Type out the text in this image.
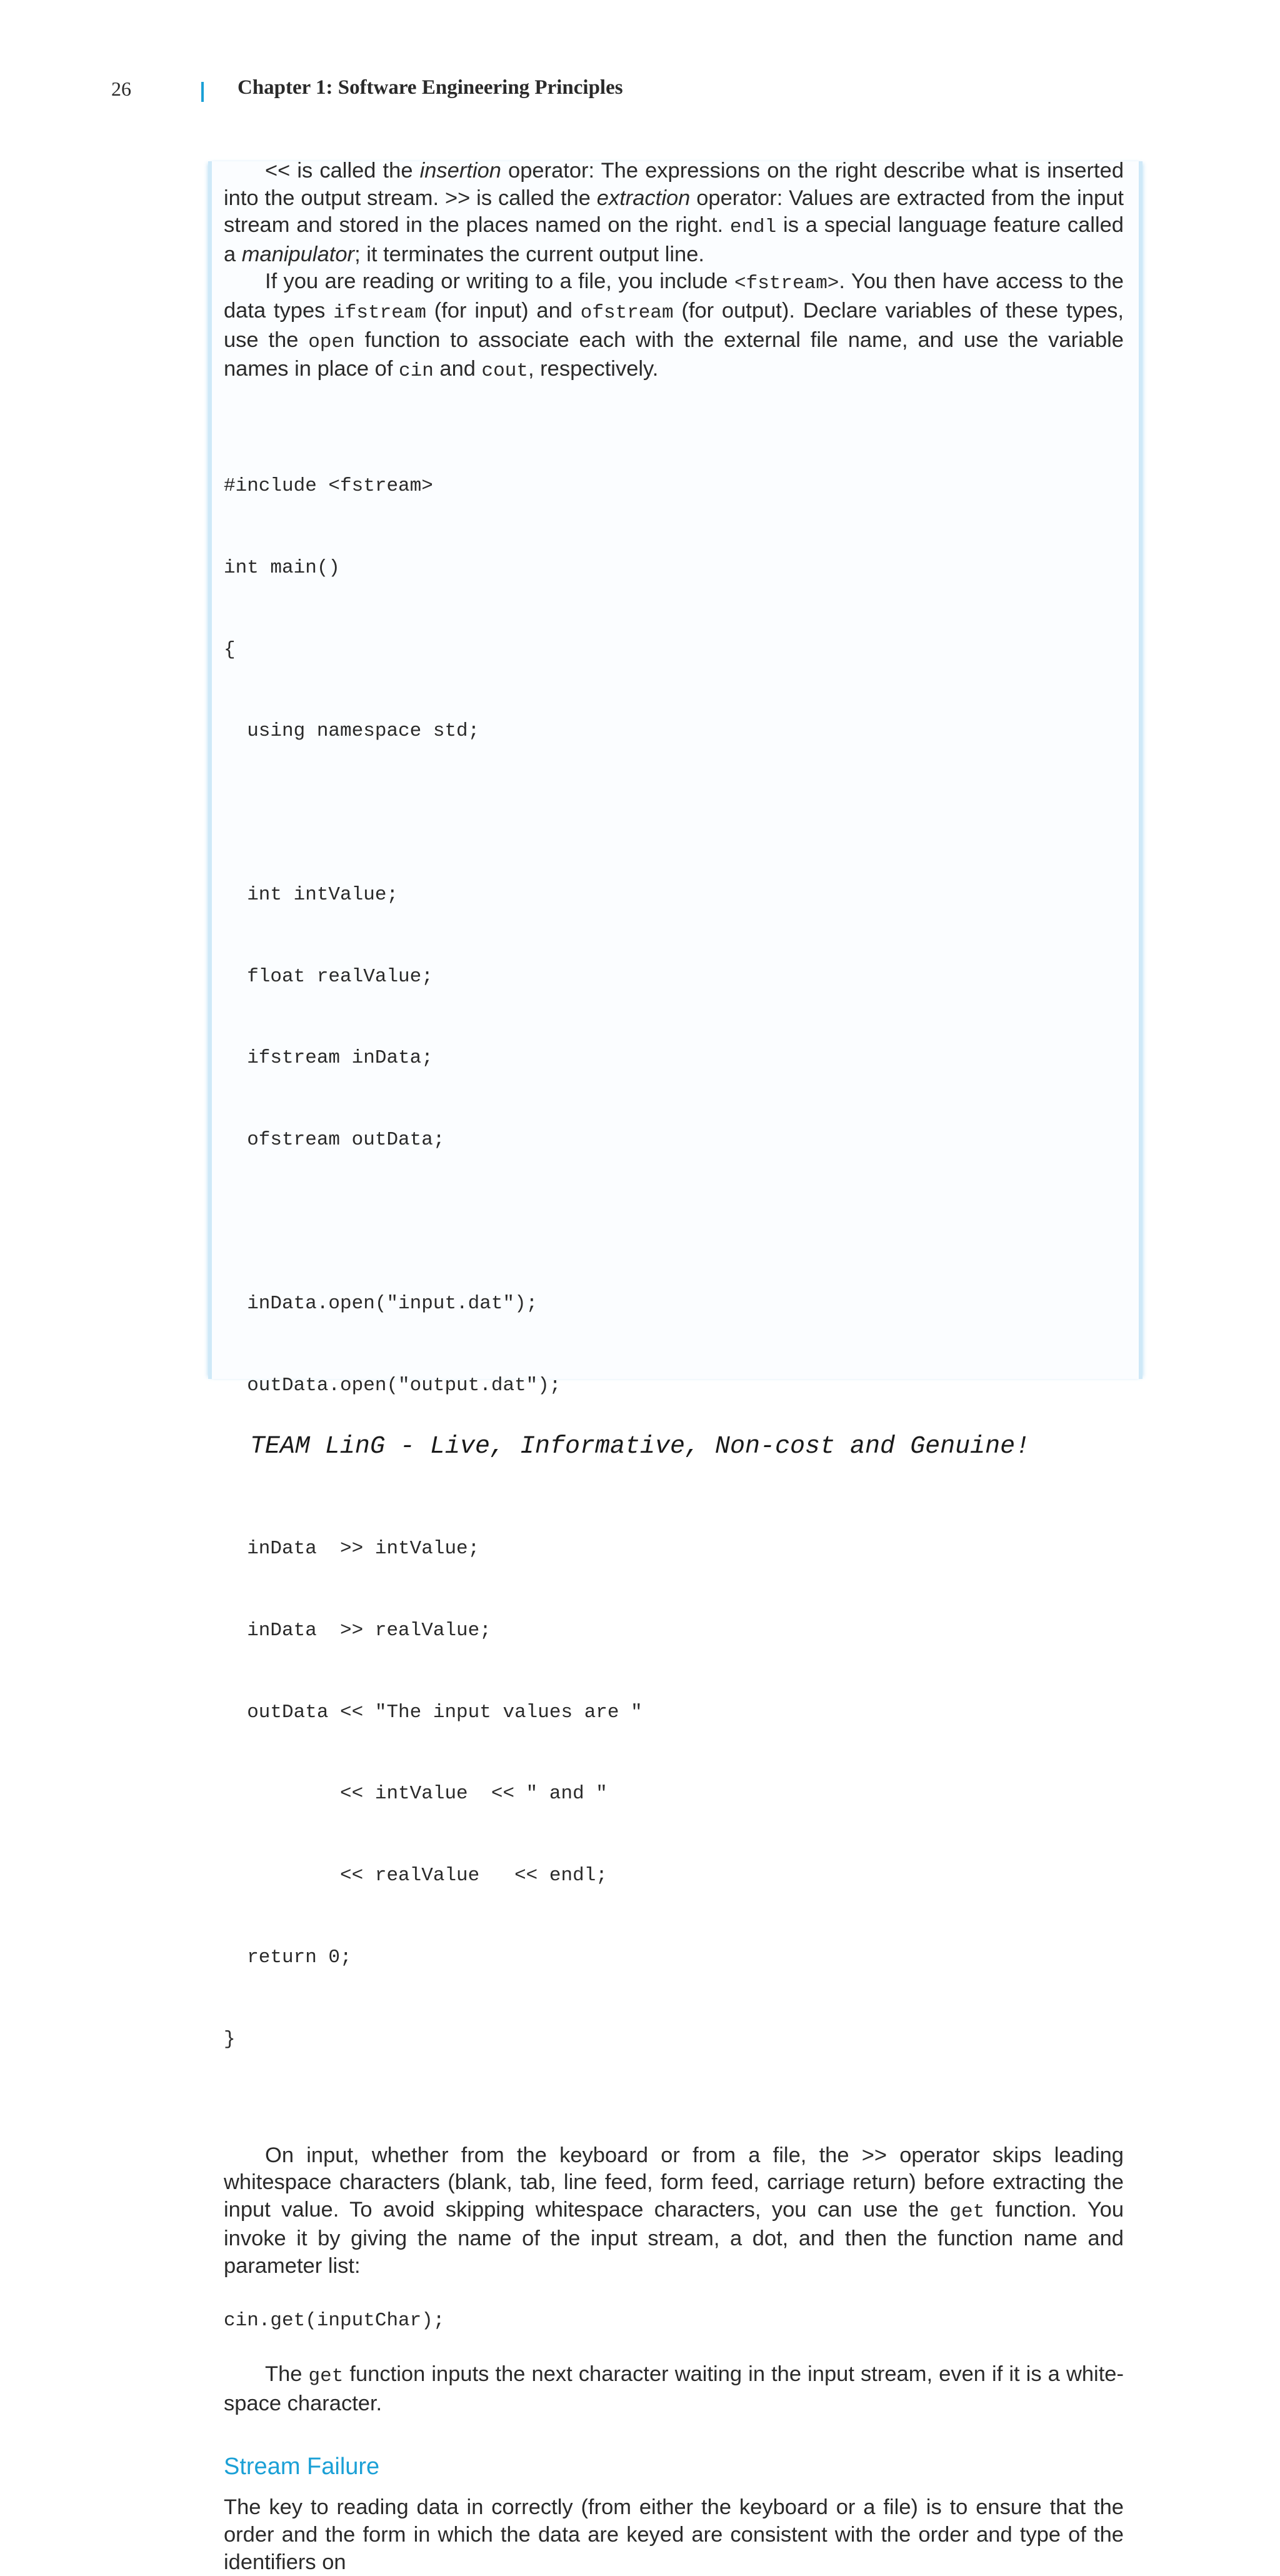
26	Chapter 1: Software Engineering Principles

<< is called the insertion operator: The expressions on the right describe what is inserted into the output stream. >> is called the extraction operator: Values are extracted from the input stream and stored in the places named on the right. endl is a special language feature called a manipulator; it terminates the current output line.

If you are reading or writing to a file, you include <fstream>. You then have access to the data types ifstream (for input) and ofstream (for output). Declare variables of these types, use the open function to associate each with the external file name, and use the variable names in place of cin and cout, respectively.

#include <fstream>

int main()

{

using namespace std;

int intValue;

float realValue;

ifstream inData;

ofstream outData;

inData.open("input.dat");

outData.open("output.dat");

inData  >> intValue;

inData  >> realValue;

outData << "The input values are "

<< intValue  << " and "

<< realValue   << endl;

return 0;

}

On input, whether from the keyboard or from a file, the >> operator skips leading whitespace characters (blank, tab, line feed, form feed, carriage return) before extracting the input value. To avoid skipping whitespace characters, you can use the get function. You invoke it by giving the name of the input stream, a dot, and then the function name and parameter list:

cin.get(inputChar);

The get function inputs the next character waiting in the input stream, even if it is a white- space character.

Stream Failure

The key to reading data in correctly (from either the keyboard or a file) is to ensure that the order and the form in which the data are keyed are consistent with the order and type of the identifiers on

TEAM LinG - Live, Informative, Non-cost and Genuine!
